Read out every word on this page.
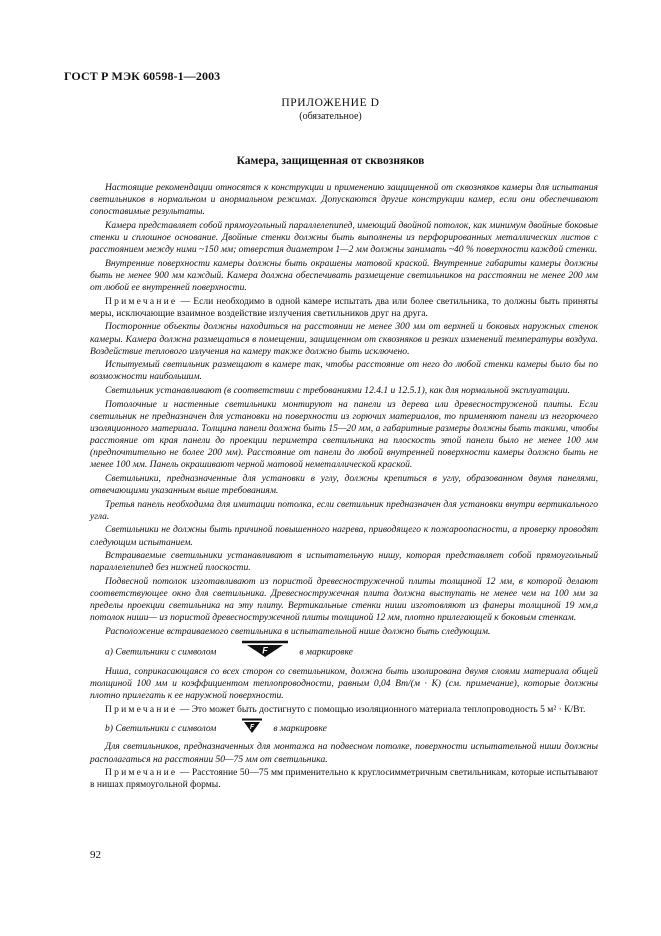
ГОСТ Р МЭК 60598-1—2003
ПРИЛОЖЕНИЕ D
(обязательное)
Камера, защищенная от сквозняков

Настоящие рекомендации относятся к конструкции и применению защищенной от сквозняков камеры для испытания светильников в нормальном и анормальном режимах. Допускаются другие конструкции камер, если они обеспечивают сопоставимые результаты.

Камера представляет собой прямоугольный параллелепипед, имеющий двойной потолок, как минимум двойные боковые стенки и сплошное основание. Двойные стенки должны быть выполнены из перфорированных металлических листов с расстоянием между ними ~150 мм; отверстия диаметром 1—2 мм должны занимать ~40 % поверхности каждой стенки.

Внутренние поверхности камеры должны быть окрашены матовой краской. Внутренние габариты камеры должны быть не менее 900 мм каждый. Камера должна обеспечивать размещение светильников на расстоянии не менее 200 мм от любой ее внутренней поверхности.

Примечание — Если необходимо в одной камере испытать два или более светильника, то должны быть приняты меры, исключающие взаимное воздействие излучения светильников друг на друга.

Посторонние объекты должны находиться на расстоянии не менее 300 мм от верхней и боковых наружных стенок камеры. Камера должна размещаться в помещении, защищенном от сквозняков и резких изменений температуры воздуха. Воздействие теплового излучения на камеру также должно быть исключено.

Испытуемый светильник размещают в камере так, чтобы расстояние от него до любой стенки камеры было бы по возможности наибольшим.

Светильник устанавливают (в соответствии с требованиями 12.4.1 и 12.5.1), как для нормальной эксплуатации.

Потолочные и настенные светильники монтируют на панели из дерева или древесноструженой плиты. Если светильник не предназначен для установки на поверхности из горючих материалов, то применяют панели из негорючего изоляционного материала. Толщина панели должна быть 15—20 мм, а габаритные размеры должны быть такими, чтобы расстояние от края панели до проекции периметра светильника на плоскость этой панели было не менее 100 мм (предпочтительно не более 200 мм). Расстояние от панели до любой внутренней поверхности камеры должно быть не менее 100 мм. Панель окрашивают черной матовой неметаллической краской.

Светильники, предназначенные для установки в углу, должны крепиться в углу, образованном двумя панелями, отвечающими указанным выше требованиям.

Третья панель необходима для имитации потолка, если светильник предназначен для установки внутри вертикального угла.

Светильники не должны быть причиной повышенного нагрева, приводящего к пожароопасности, а проверку проводят следующим испытанием.

Встраиваемые светильники устанавливают в испытательную нишу, которая представляет собой прямоугольный параллелепипед без нижней плоскости.

Подвесной потолок изготавливают из пористой древесностружечной плиты толщиной 12 мм, в которой делают соответствующее окно для светильника. Древесностружечная плита должна выступать не менее чем на 100 мм за пределы проекции светильника на эту плиту. Вертикальные стенки ниши изготовляют из фанеры толщиной 19 мм,а потолок ниши— из пористой древесностружечной плиты толщиной 12 мм, плотно прилегающей к боковым стенкам.

Расположение встраиваемого светильника в испытательной нише должно быть следующим.

a) Светильники с символом	F	в маркировке

Ниша, соприкасающаяся со всех сторон со светильником, должна быть изолирована двумя слоями материала общей толщиной 100 мм и коэффициентом теплопроводности, равным 0,04 Вт/(м · К) (см. примечание), которые должны плотно прилегать к ее наружной поверхности.

Примечание — Это может быть достигнуто с помощью изоляционного материала теплопроводность 5 м² · К/Вт.

b) Светильники с символом	F в маркировке

Для светильников, предназначенных для монтажа на подвесном потолке, поверхности испытательной ниши должны располагаться на расстоянии 50—75 мм от светильника.

Примечание — Расстояние 50—75 мм применительно к круглосимметричным светильникам, которые испытывают в нишах прямоугольной формы.

92
